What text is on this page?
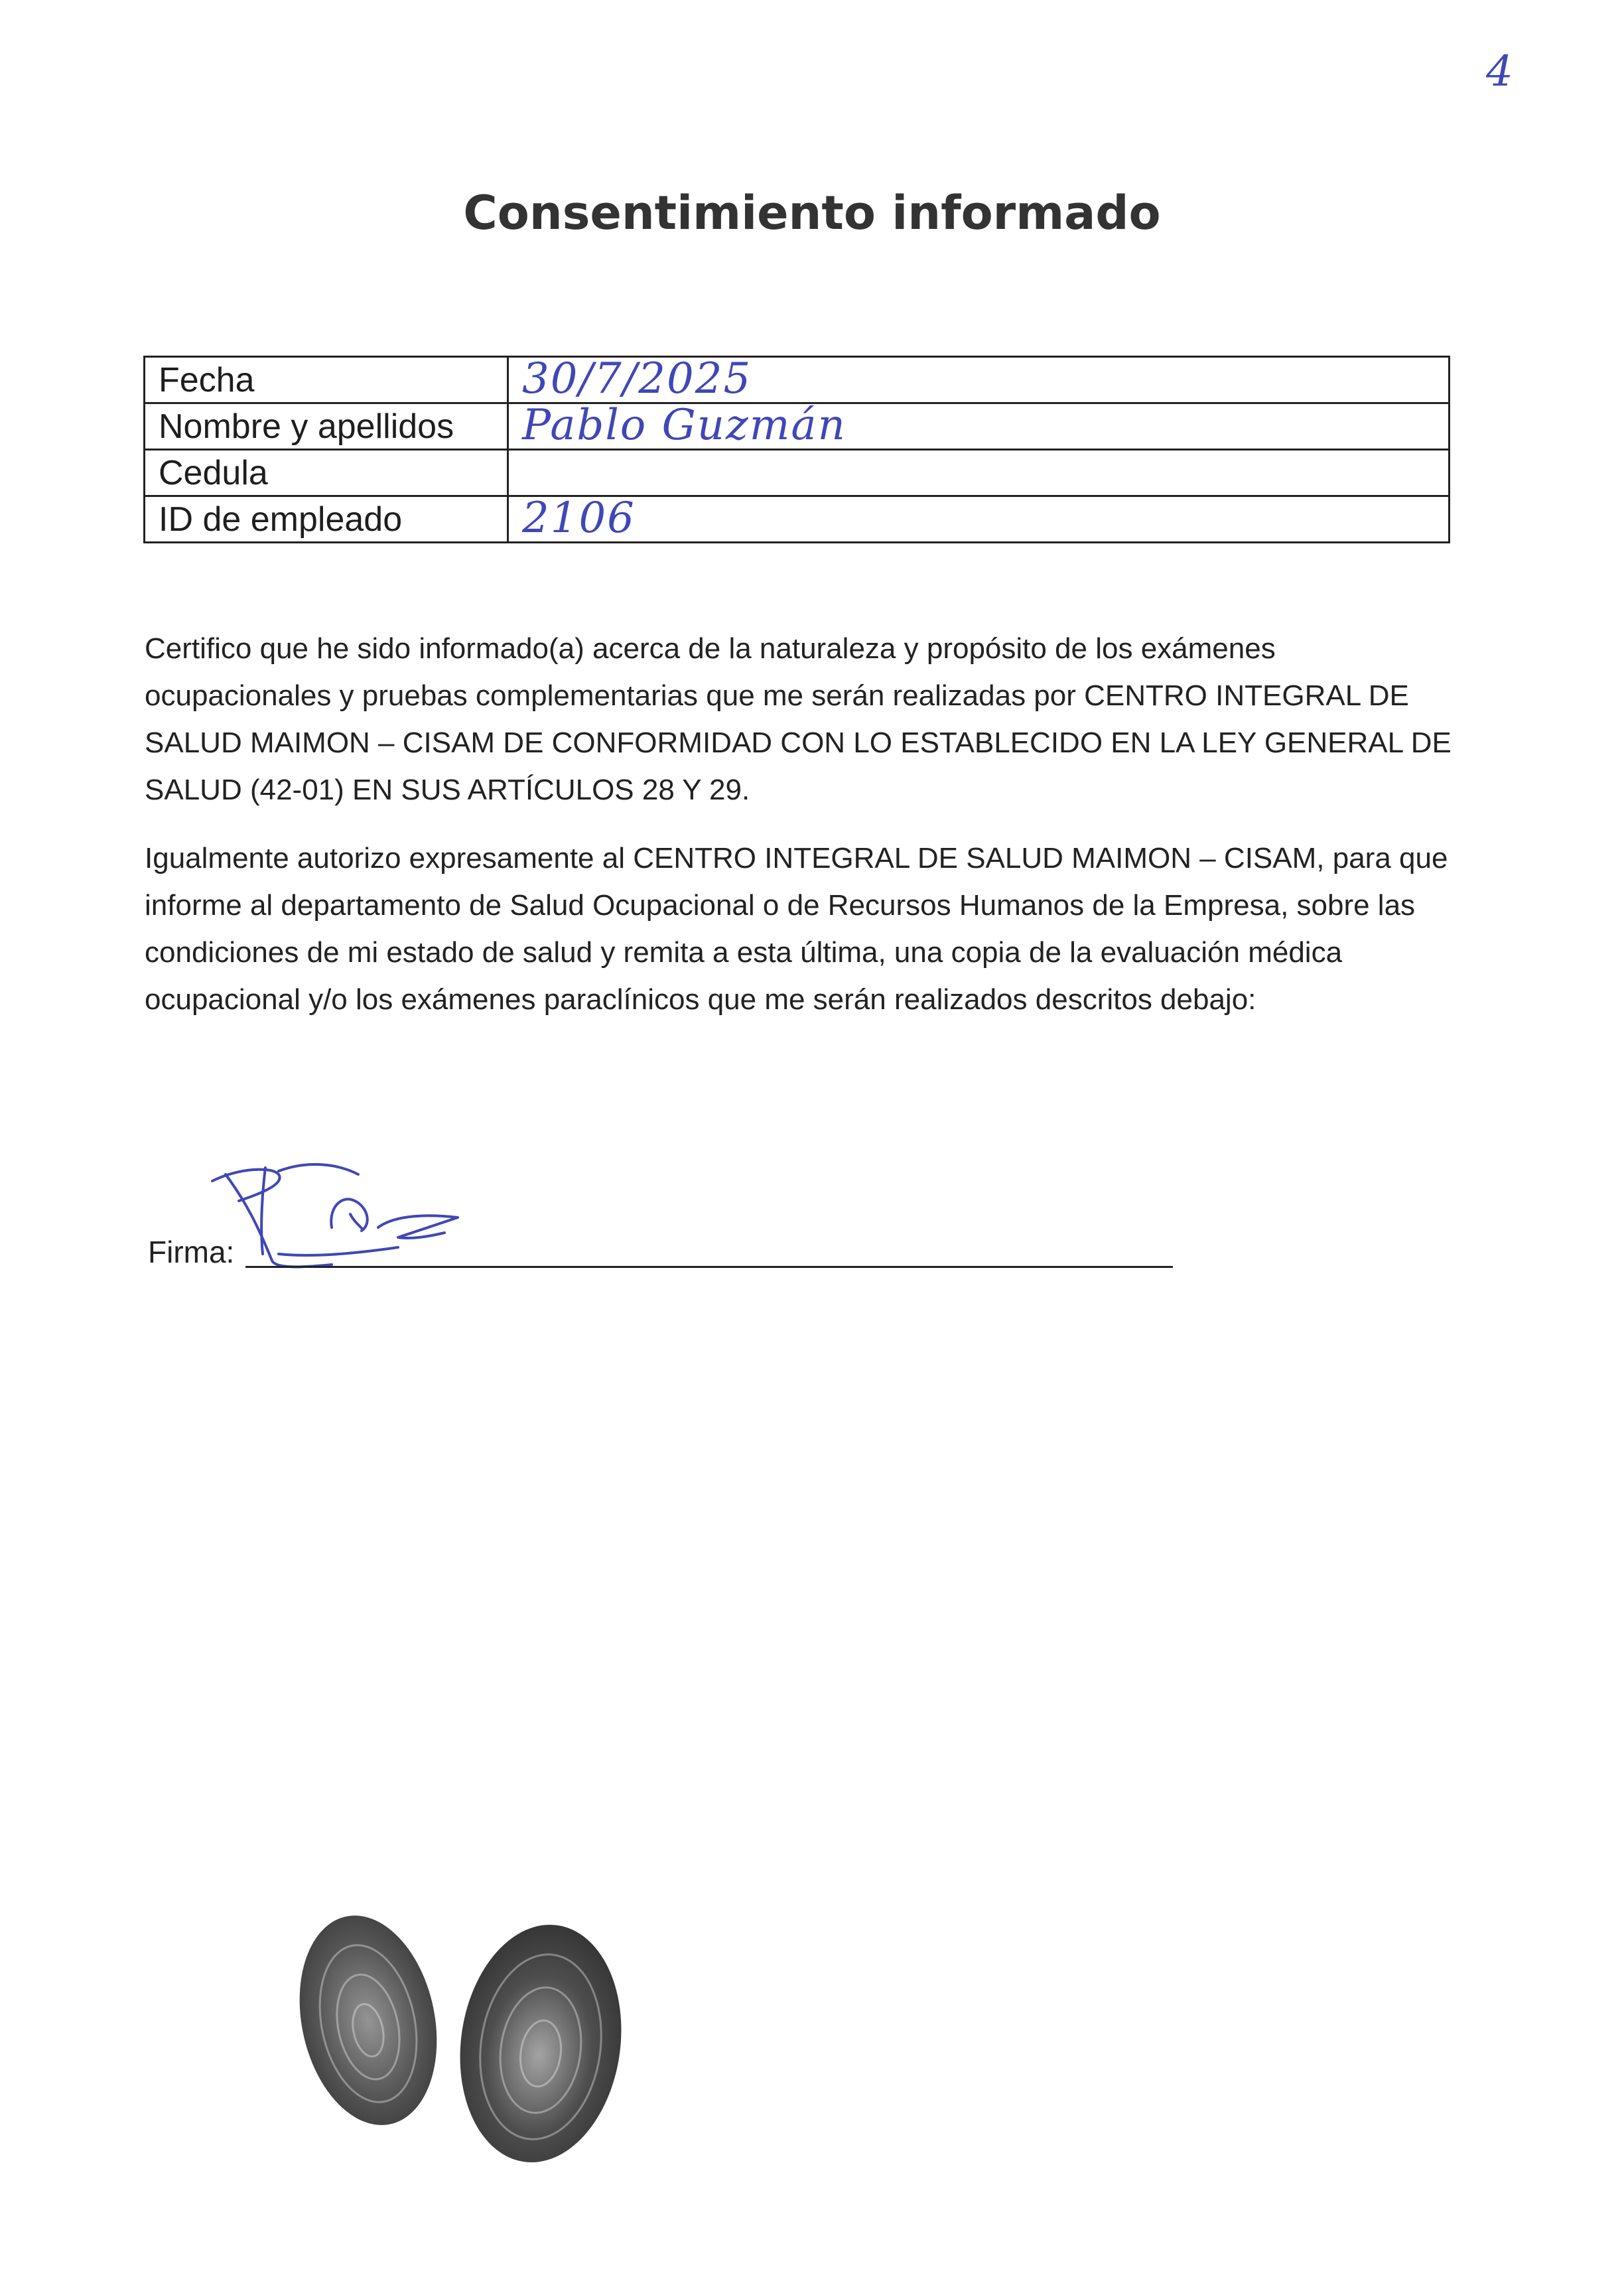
4
Consentimiento informado
Fecha	30/7/2025
Nombre y apellidos	Pablo Guzmán
Cedula	
ID de empleado	2106

Certifico que he sido informado(a) acerca de la naturaleza y propósito de los exámenes ocupacionales y pruebas complementarias que me serán realizadas por CENTRO INTEGRAL DE SALUD MAIMON – CISAM DE CONFORMIDAD CON LO ESTABLECIDO EN LA LEY GENERAL DE SALUD (42-01) EN SUS ARTÍCULOS 28 Y 29.

Igualmente autorizo expresamente al CENTRO INTEGRAL DE SALUD MAIMON – CISAM, para que informe al departamento de Salud Ocupacional o de Recursos Humanos de la Empresa, sobre las condiciones de mi estado de salud y remita a esta última, una copia de la evaluación médica ocupacional y/o los exámenes paraclínicos que me serán realizados descritos debajo:

Firma:
